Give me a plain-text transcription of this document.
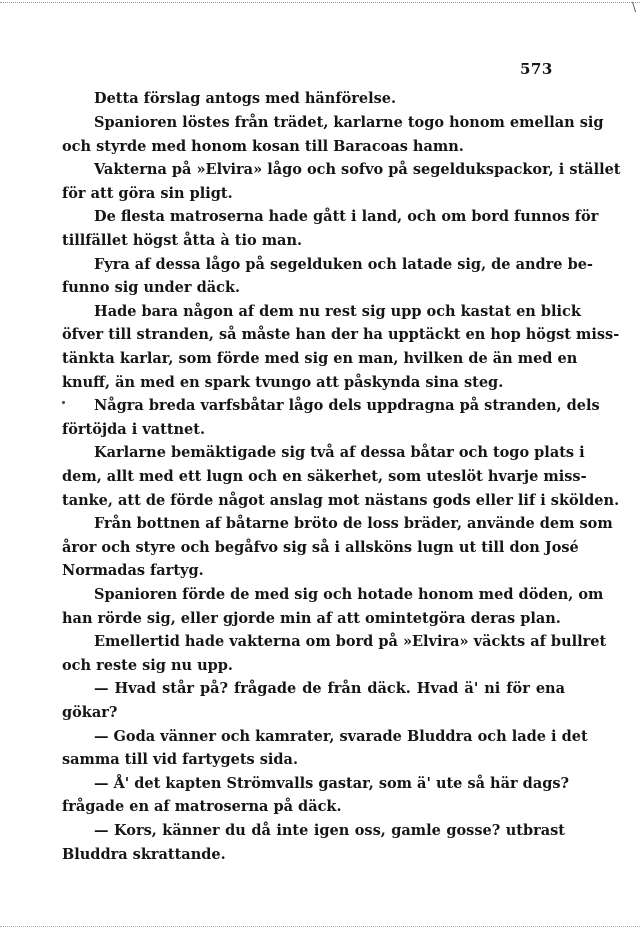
\
573
Detta förslag antogs med hänförelse.
Spanioren löstes från trädet, karlarne togo honom emellan sig
och styrde med honom kosan till Baracoas hamn.
Vakterna på »Elvira» lågo och sofvo på segeldukspackor, i stället
för att göra sin pligt.
De flesta matroserna hade gått i land, och om bord funnos för
tillfället högst åtta à tio man.
Fyra af dessa lågo på segelduken och latade sig, de andre be-
funno sig under däck.
Hade bara någon af dem nu rest sig upp och kastat en blick
öfver till stranden, så måste han der ha upptäckt en hop högst miss-
tänkta karlar, som förde med sig en man, hvilken de än med en
knuff, än med en spark tvungo att påskynda sina steg.
Några breda varfsbåtar lågo dels uppdragna på stranden, dels
förtöjda i vattnet.
Karlarne bemäktigade sig två af dessa båtar och togo plats i
dem, allt med ett lugn och en säkerhet, som uteslöt hvarje miss-
tanke, att de förde något anslag mot nästans gods eller lif i skölden.
Från bottnen af båtarne bröto de loss bräder, använde dem som
åror och styre och begåfvo sig så i allsköns lugn ut till don José
Normadas fartyg.
Spanioren förde de med sig och hotade honom med döden, om
han rörde sig, eller gjorde min af att omintetgöra deras plan.
Emellertid hade vakterna om bord på »Elvira» väckts af bullret
och reste sig nu upp.
— Hvad står på? frågade de från däck. Hvad ä' ni för ena
gökar?
— Goda vänner och kamrater, svarade Bluddra och lade i det
samma till vid fartygets sida.
— Å' det kapten Strömvalls gastar, som ä' ute så här dags?
frågade en af matroserna på däck.
— Kors, känner du då inte igen oss, gamle gosse? utbrast
Bluddra skrattande.
